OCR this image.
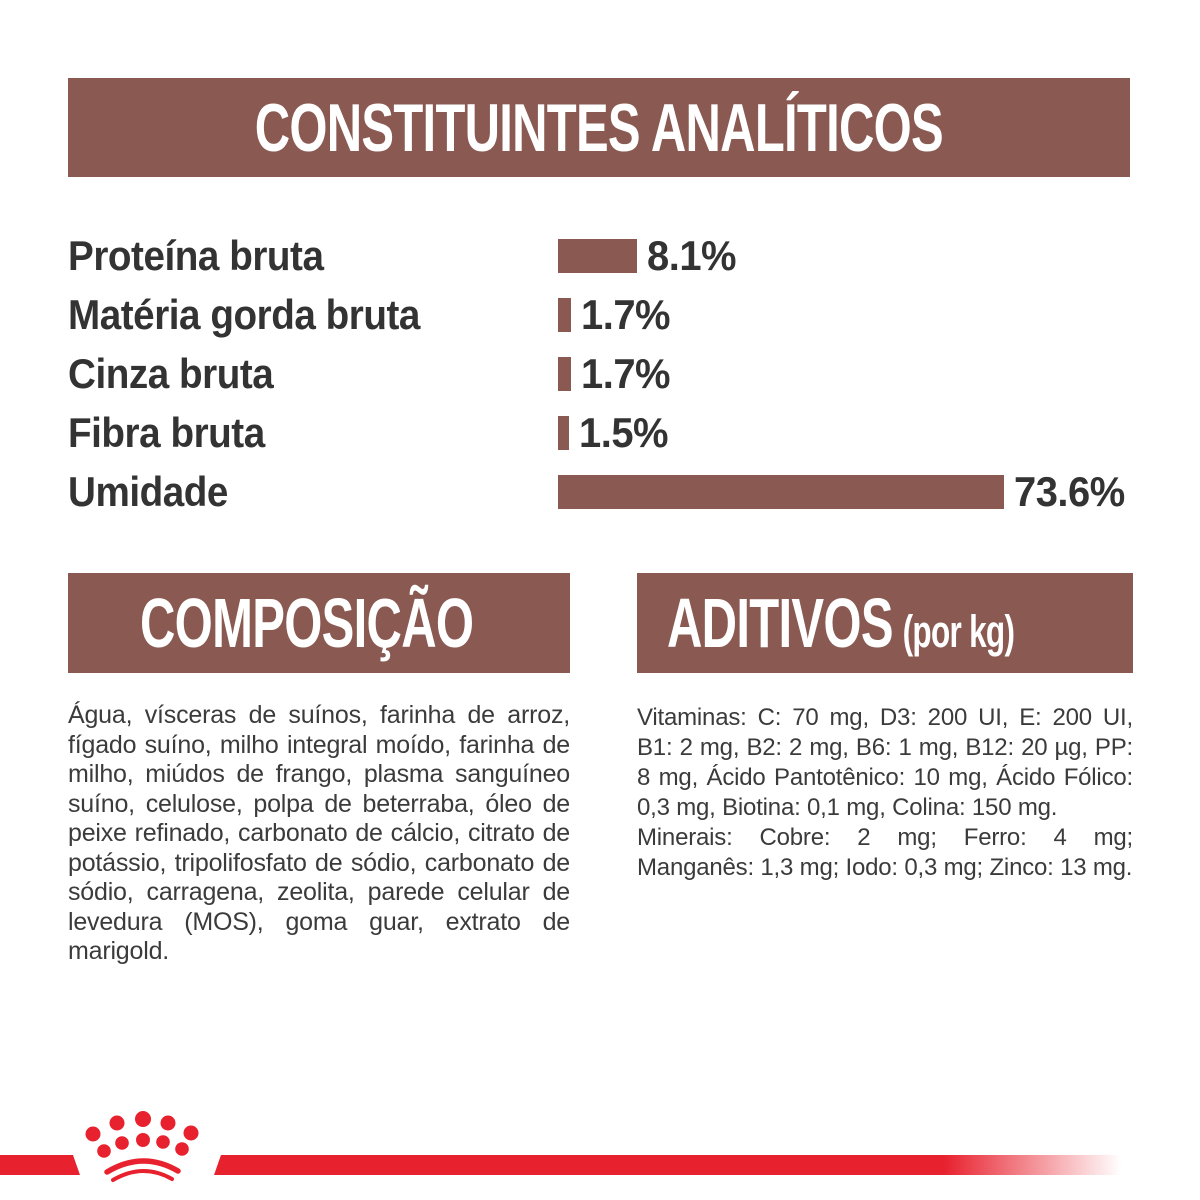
CONSTITUINTES ANALÍTICOS
Proteína bruta	8.1%
Matéria gorda bruta	1.7%
Cinza bruta	1.7%
Fibra bruta	1.5%
Umidade	73.6%
COMPOSIÇÃO	ADITIVOS (por kg)
Água, vísceras de suínos, farinha de arroz, fígado suíno, milho integral moído, farinha de milho, miúdos de frango, plasma sanguíneo suíno, celulose, polpa de beterraba, óleo de peixe refinado, carbonato de cálcio, citrato de potássio, tripolifosfato de sódio, carbonato de sódio, carragena, zeolita, parede celular de levedura (MOS), goma guar, extrato de marigold.

Vitaminas: C: 70 mg, D3: 200 UI, E: 200 UI, B1: 2 mg, B2: 2 mg, B6: 1 mg, B12: 20 µg, PP: 8 mg, Ácido Pantotênico: 10 mg, Ácido Fólico: 0,3 mg, Biotina: 0,1 mg, Colina: 150 mg.

Minerais: Cobre: 2 mg; Ferro: 4 mg; Manganês: 1,3 mg; Iodo: 0,3 mg; Zinco: 13 mg.
